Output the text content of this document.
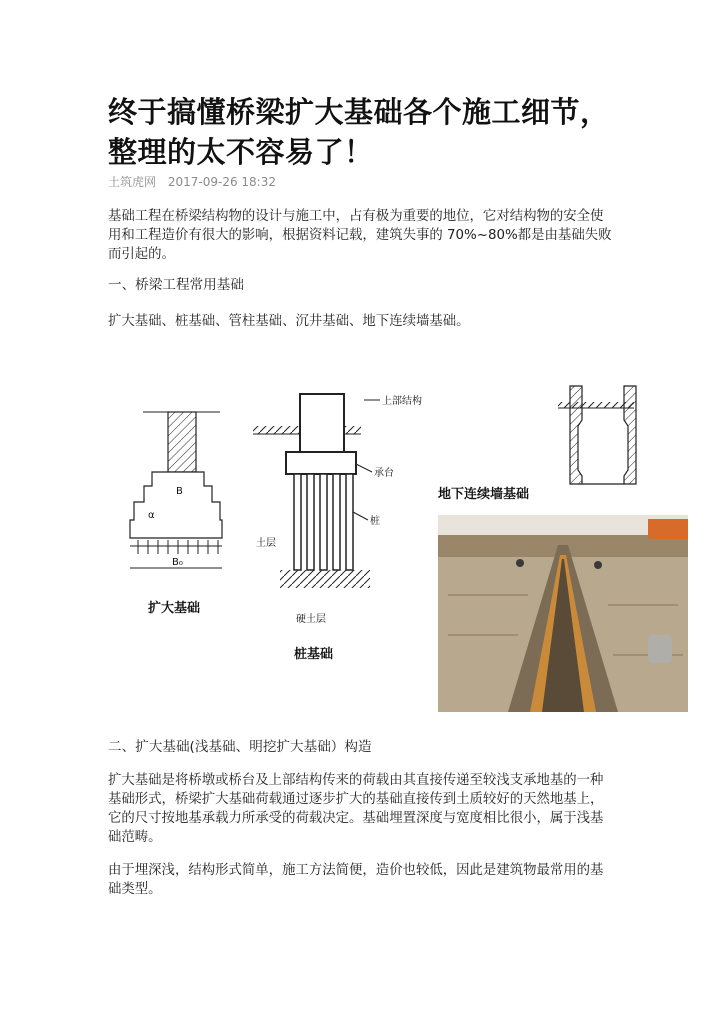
终于搞懂桥梁扩大基础各个施工细节，整理的太不容易了！
土筑虎网 2017-09-26 18:32

基础工程在桥梁结构物的设计与施工中，占有极为重要的地位，它对结构物的安全使用和工程造价有很大的影响，根据资料记载，建筑失事的 70%~80%都是由基础失败而引起的。

一、桥梁工程常用基础

扩大基础、桩基础、管柱基础、沉井基础、地下连续墙基础。

B
α
B₀
扩大基础
上部结构
承台
桩
土层
硬土层
桩基础
地下连续墙基础

二、扩大基础(浅基础、明挖扩大基础）构造

扩大基础是将桥墩或桥台及上部结构传来的荷载由其直接传递至较浅支承地基的一种基础形式，桥梁扩大基础荷载通过逐步扩大的基础直接传到土质较好的天然地基上，它的尺寸按地基承载力所承受的荷载决定。基础埋置深度与宽度相比很小，属于浅基础范畴。

由于埋深浅，结构形式简单，施工方法简便，造价也较低，因此是建筑物最常用的基础类型。
